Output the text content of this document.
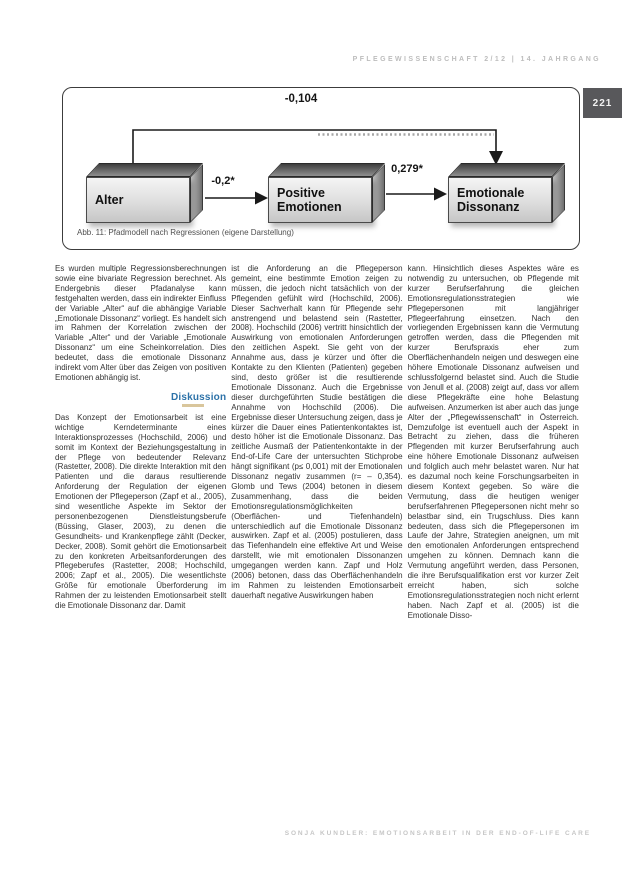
PFLEGEWISSENSCHAFT 2/12 | 14. JAHRGANG
221
-0,104
-0,2*
0,279*
Alter	Positive Emotionen
Emotionale Dissonanz
Abb. 11: Pfadmodell nach Regressionen (eigene Darstellung)

Es wurden multiple Regressionsberechnungen sowie eine bivariate Regression berechnet. Als Endergebnis dieser Pfadanalyse kann festgehalten werden, dass ein indirekter Einfluss der Variable „Alter“ auf die abhängige Variable „Emotionale Dissonanz“ vorliegt. Es handelt sich im Rahmen der Korrelation zwischen der Variable „Alter“ und der Variable „Emotionale Dissonanz“ um eine Scheinkorrelation. Dies bedeutet, dass die emotionale Dissonanz indirekt vom Alter über das Zeigen von positiven Emotionen abhängig ist.

Diskussion

Das Konzept der Emotionsarbeit ist eine wichtige Kerndeterminante eines Interaktionsprozesses (Hochschild, 2006) und somit im Kontext der Beziehungsgestaltung in der Pflege von bedeutender Relevanz (Rastetter, 2008). Die direkte Interaktion mit den Patienten und die daraus resultierende Anforderung der Regulation der eigenen Emotionen der Pflegeperson (Zapf et al., 2005), sind wesentliche Aspekte im Sektor der personenbezogenen Dienstleistungsberufe (Büssing, Glaser, 2003), zu denen die Gesundheits- und Krankenpflege zählt (Decker, Decker, 2008). Somit gehört die Emotionsarbeit zu den konkreten Arbeitsanforderungen des Pflegeberufes (Rastetter, 2008; Hochschild, 2006; Zapf et al., 2005). Die wesentlichste Größe für emotionale Überforderung im Rahmen der zu leistenden Emotionsarbeit stellt die Emotionale Dissonanz dar. Damit

ist die Anforderung an die Pflegeperson gemeint, eine bestimmte Emotion zeigen zu müssen, die jedoch nicht tatsächlich von der Pflegenden gefühlt wird (Hochschild, 2006). Dieser Sachverhalt kann für Pflegende sehr anstrengend und belastend sein (Rastetter, 2008). Hochschild (2006) vertritt hinsichtlich der Auswirkung von emotionalen Anforderungen den zeitlichen Aspekt. Sie geht von der Annahme aus, dass je kürzer und öfter die Kontakte zu den Klienten (Patienten) gegeben sind, desto größer ist die resultierende Emotionale Dissonanz. Auch die Ergebnisse dieser durchgeführten Studie bestätigen die Annahme von Hochschild (2006). Die Ergebnisse dieser Untersuchung zeigen, dass je kürzer die Dauer eines Patientenkontaktes ist, desto höher ist die Emotionale Dissonanz. Das zeitliche Ausmaß der Patientenkontakte in der End-of-Life Care der untersuchten Stichprobe hängt signifikant (p≤ 0,001) mit der Emotionalen Dissonanz negativ zusammen (r= – 0,354). Glomb und Tews (2004) betonen in diesem Zusammenhang, dass die beiden Emotionsregulationsmöglichkeiten (Oberflächen- und Tiefenhandeln) unterschiedlich auf die Emotionale Dissonanz auswirken. Zapf et al. (2005) postulieren, dass das Tiefenhandeln eine effektive Art und Weise darstellt, wie mit emotionalen Dissonanzen umgegangen werden kann. Zapf und Holz (2006) betonen, dass das Oberflächenhandeln im Rahmen zu leistenden Emotionsarbeit dauerhaft negative Auswirkungen haben

kann. Hinsichtlich dieses Aspektes wäre es notwendig zu untersuchen, ob Pflegende mit kurzer Berufserfahrung die gleichen Emotionsregulationsstrategien wie Pflegepersonen mit langjähriger Pflegeerfahrung einsetzen. Nach den vorliegenden Ergebnissen kann die Vermutung getroffen werden, dass die Pflegenden mit kurzer Berufspraxis eher zum Oberflächenhandeln neigen und deswegen eine höhere Emotionale Dissonanz aufweisen und schlussfolgernd belastet sind. Auch die Studie von Jenull et al. (2008) zeigt auf, dass vor allem diese Pflegekräfte eine hohe Belastung aufweisen. Anzumerken ist aber auch das junge Alter der „Pflegewissenschaft“ in Österreich. Demzufolge ist eventuell auch der Aspekt in Betracht zu ziehen, dass die früheren Pflegenden mit kurzer Berufserfahrung auch eine höhere Emotionale Dissonanz aufweisen und folglich auch mehr belastet waren. Nur hat es dazumal noch keine Forschungsarbeiten in diesem Kontext gegeben. So wäre die Vermutung, dass die heutigen weniger berufserfahrenen Pflegepersonen nicht mehr so belastbar sind, ein Trugschluss. Dies kann bedeuten, dass sich die Pflegepersonen im Laufe der Jahre, Strategien aneignen, um mit den emotionalen Anforderungen entsprechend umgehen zu können. Demnach kann die Vermutung angeführt werden, dass Personen, die ihre Berufsqualifikation erst vor kurzer Zeit erreicht haben, sich solche Emotionsregulationsstrategien noch nicht erlernt haben. Nach Zapf et al. (2005) ist die Emotionale Disso-

SONJA KUNDLER: EMOTIONSARBEIT IN DER END-OF-LIFE CARE
